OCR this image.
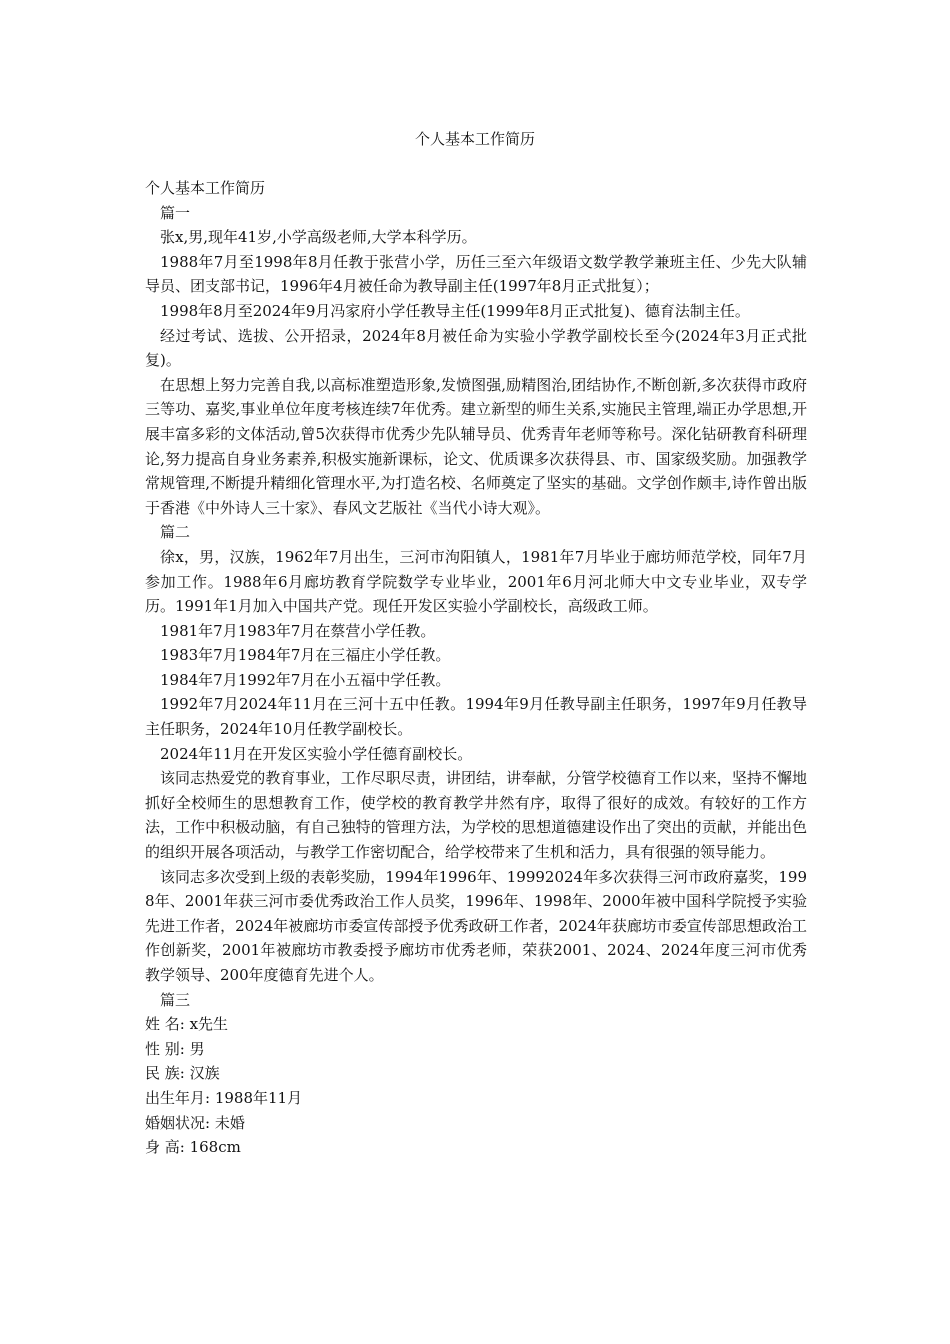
个人基本工作简历

个人基本工作简历

篇一

张x,男,现年41岁,小学高级老师,大学本科学历。

1988年7月至1998年8月任教于张营小学，历任三至六年级语文数学教学兼班主任、少先大队辅导员、团支部书记，1996年4月被任命为教导副主任(1997年8月正式批复）；

1998年8月至2024年9月冯家府小学任教导主任(1999年8月正式批复)、德育法制主任。

经过考试、选拔、公开招录，2024年8月被任命为实验小学教学副校长至今(2024年3月正式批复)。

在思想上努力完善自我,以高标准塑造形象,发愤图强,励精图治,团结协作,不断创新,多次获得市政府三等功、嘉奖,事业单位年度考核连续7年优秀。建立新型的师生关系,实施民主管理,端正办学思想,开展丰富多彩的文体活动,曾5次获得市优秀少先队辅导员、优秀青年老师等称号。深化钻研教育科研理论,努力提高自身业务素养,积极实施新课标，论文、优质课多次获得县、市、国家级奖励。加强教学常规管理,不断提升精细化管理水平,为打造名校、名师奠定了坚实的基础。文学创作颇丰,诗作曾出版于香港《中外诗人三十家》、春风文艺版社《当代小诗大观》。

篇二

徐x，男，汉族，1962年7月出生，三河市泃阳镇人，1981年7月毕业于廊坊师范学校，同年7月参加工作。1988年6月廊坊教育学院数学专业毕业，2001年6月河北师大中文专业毕业，双专学历。1991年1月加入中国共产党。现任开发区实验小学副校长，高级政工师。

1981年7月1983年7月在蔡营小学任教。

1983年7月1984年7月在三福庄小学任教。

1984年7月1992年7月在小五福中学任教。

1992年7月2024年11月在三河十五中任教。1994年9月任教导副主任职务，1997年9月任教导主任职务，2024年10月任教学副校长。

2024年11月在开发区实验小学任德育副校长。

该同志热爱党的教育事业，工作尽职尽责，讲团结，讲奉献，分管学校德育工作以来，坚持不懈地抓好全校师生的思想教育工作，使学校的教育教学井然有序，取得了很好的成效。有较好的工作方法，工作中积极动脑，有自己独特的管理方法，为学校的思想道德建设作出了突出的贡献，并能出色的组织开展各项活动，与教学工作密切配合，给学校带来了生机和活力，具有很强的领导能力。

该同志多次受到上级的表彰奖励，1994年1996年、19992024年多次获得三河市政府嘉奖，1998年、2001年获三河市委优秀政治工作人员奖，1996年、1998年、2000年被中国科学院授予实验先进工作者，2024年被廊坊市委宣传部授予优秀政研工作者，2024年获廊坊市委宣传部思想政治工作创新奖，2001年被廊坊市教委授予廊坊市优秀老师，荣获2001、2024、2024年度三河市优秀教学领导、200年度德育先进个人。

篇三

姓 名: x先生

性 别: 男

民 族: 汉族

出生年月: 1988年11月

婚姻状况: 未婚

身 高: 168cm
